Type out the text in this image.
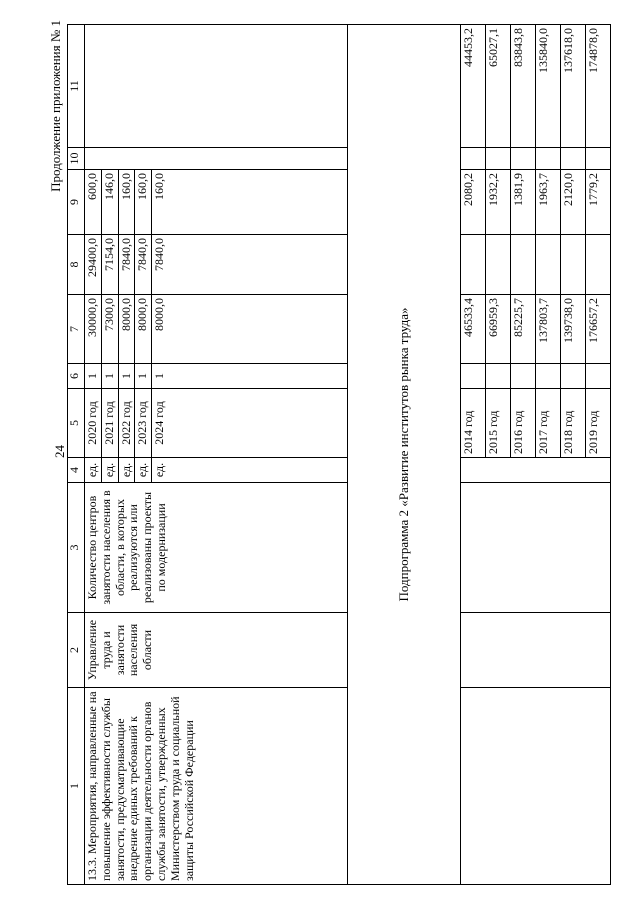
24
Продолжение приложения № 1
1	2	3	4	5	6	7	8	9	10	11
13.3. Мероприятия, направленные на повышение эффективности службы занятости, предусматривающие внедрение единых требований к организации деятельности органов службы занятости, утвержденных Министерством труда и социальной защиты Российской Федерации	Управление труда и занятости населения области	Количество центров занятости населения в области, в которых реализуются или реализованы проекты по модернизации	ед.	2020 год	1	30000,0	29400,0	600,0		
			ед.	2021 год	1	7300,0	7154,0	146,0		
			ед.	2022 год	1	8000,0	7840,0	160,0		
			ед.	2023 год	1	8000,0	7840,0	160,0		
			ед.	2024 год	1	8000,0	7840,0	160,0		
Подпрограмма 2 «Развитие институтов рынка труда»										
				2014 год		46533,4		2080,2		44453,2
				2015 год		66959,3		1932,2		65027,1
				2016 год		85225,7		1381,9		83843,8
				2017 год		137803,7		1963,7		135840,0
				2018 год		139738,0		2120,0		137618,0
				2019 год		176657,2		1779,2		174878,0
